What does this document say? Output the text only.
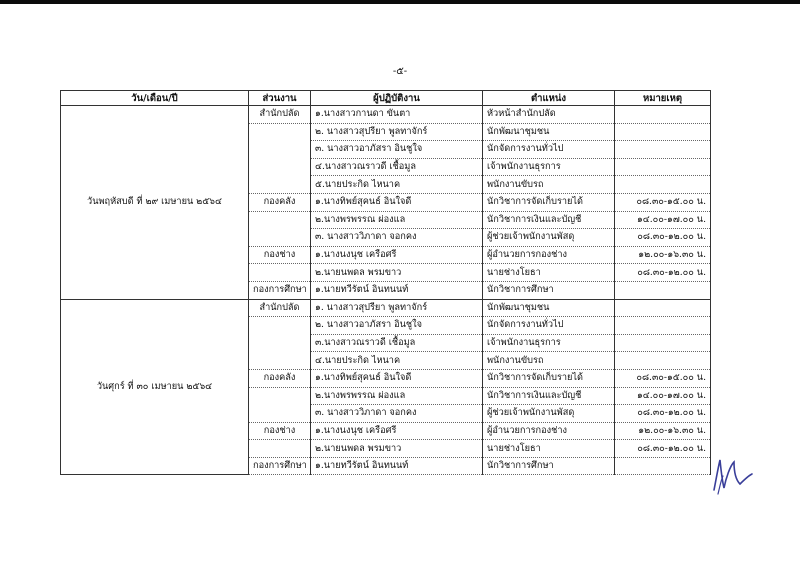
-๕-
วัน/เดือน/ปี	ส่วนงาน	ผู้ปฏิบัติงาน	ตำแหน่ง	หมายเหตุ
วันพฤหัสบดี ที่ ๒๙ เมษายน ๒๕๖๔	สำนักปลัด	๑.นางสาวกานดา ขันตา	หัวหน้าสำนักปลัด	
		๒. นางสาวสุปรียา พูลทาจักร์	นักพัฒนาชุมชน	
		๓. นางสาวอาภัสรา อินชูใจ	นักจัดการงานทั่วไป	
		๔.นางสาวณราวดี เชื้อมูล	เจ้าพนักงานธุรการ	
		๕.นายประกิด ไหนาค	พนักงานขับรถ	
	กองคลัง	๑.นางทิพย์สุคนธ์ อินใจดี	นักวิชาการจัดเก็บรายได้	๐๘.๓๐-๑๕.๐๐ น.
		๒.นางพรพรรณ ผ่องแล	นักวิชาการเงินและบัญชี	๑๔.๐๐-๑๗.๐๐ น.
		๓. นางสาววิภาดา จอกคง	ผู้ช่วยเจ้าพนักงานพัสดุ	๐๘.๓๐-๑๒.๐๐ น.
	กองช่าง	๑.นางนงนุช เครือศรี	ผู้อำนวยการกองช่าง	๑๒.๐๐-๑๖.๓๐ น.
		๒.นายนพดล พรมขาว	นายช่างโยธา	๐๘.๓๐-๑๒.๐๐ น.
	กองการศึกษา	๑.นายทวีรัตน์ อินทนนท์	นักวิชาการศึกษา	
วันศุกร์ ที่ ๓๐ เมษายน ๒๕๖๔	สำนักปลัด	๑. นางสาวสุปรียา พูลทาจักร์	นักพัฒนาชุมชน	
		๒. นางสาวอาภัสรา อินชูใจ	นักจัดการงานทั่วไป	
		๓.นางสาวณราวดี เชื้อมูล	เจ้าพนักงานธุรการ	
		๔.นายประกิด ไหนาค	พนักงานขับรถ	
	กองคลัง	๑.นางทิพย์สุคนธ์ อินใจดี	นักวิชาการจัดเก็บรายได้	๐๘.๓๐-๑๕.๐๐ น.
		๒.นางพรพรรณ ผ่องแล	นักวิชาการเงินและบัญชี	๑๔.๐๐-๑๗.๐๐ น.
		๓. นางสาววิภาดา จอกคง	ผู้ช่วยเจ้าพนักงานพัสดุ	๐๘.๓๐-๑๒.๐๐ น.
	กองช่าง	๑.นางนงนุช เครือศรี	ผู้อำนวยการกองช่าง	๑๒.๐๐-๑๖.๓๐ น.
		๒.นายนพดล พรมขาว	นายช่างโยธา	๐๘.๓๐-๑๒.๐๐ น.
	กองการศึกษา	๑.นายทวีรัตน์ อินทนนท์	นักวิชาการศึกษา	
